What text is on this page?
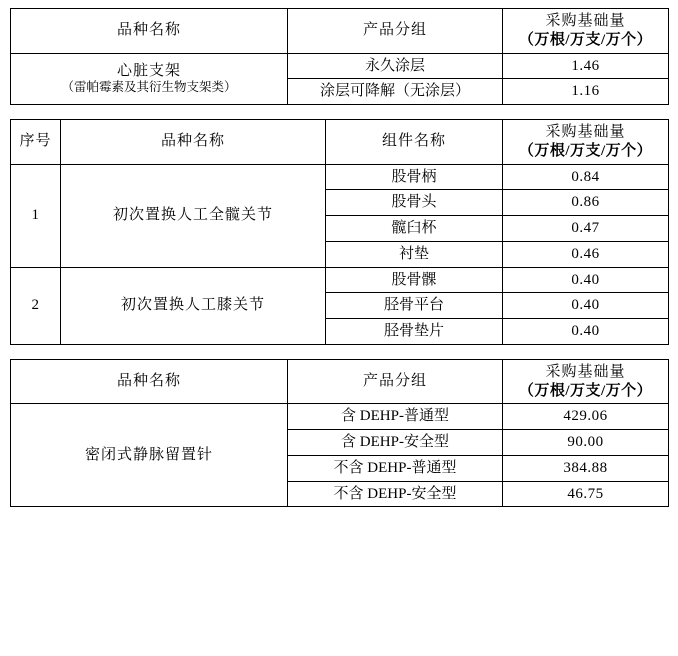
品种名称	产品分组	采购基础量
（万根/万支/万个）

心脏支架
（雷帕霉素及其衍生物支架类）	永久涂层	1.46
	涂层可降解（无涂层）	1.16
序号	品种名称	组件名称	采购基础量
（万根/万支/万个）

1	初次置换人工全髋关节	股骨柄	0.84
		股骨头	0.86
		髋臼杯	0.47
		衬垫	0.46
2	初次置换人工膝关节	股骨髁	0.40
		胫骨平台	0.40
		胫骨垫片	0.40
品种名称	产品分组	采购基础量
（万根/万支/万个）

密闭式静脉留置针	含 DEHP-普通型	429.06
	含 DEHP-安全型	90.00
	不含 DEHP-普通型	384.88
	不含 DEHP-安全型	46.75
